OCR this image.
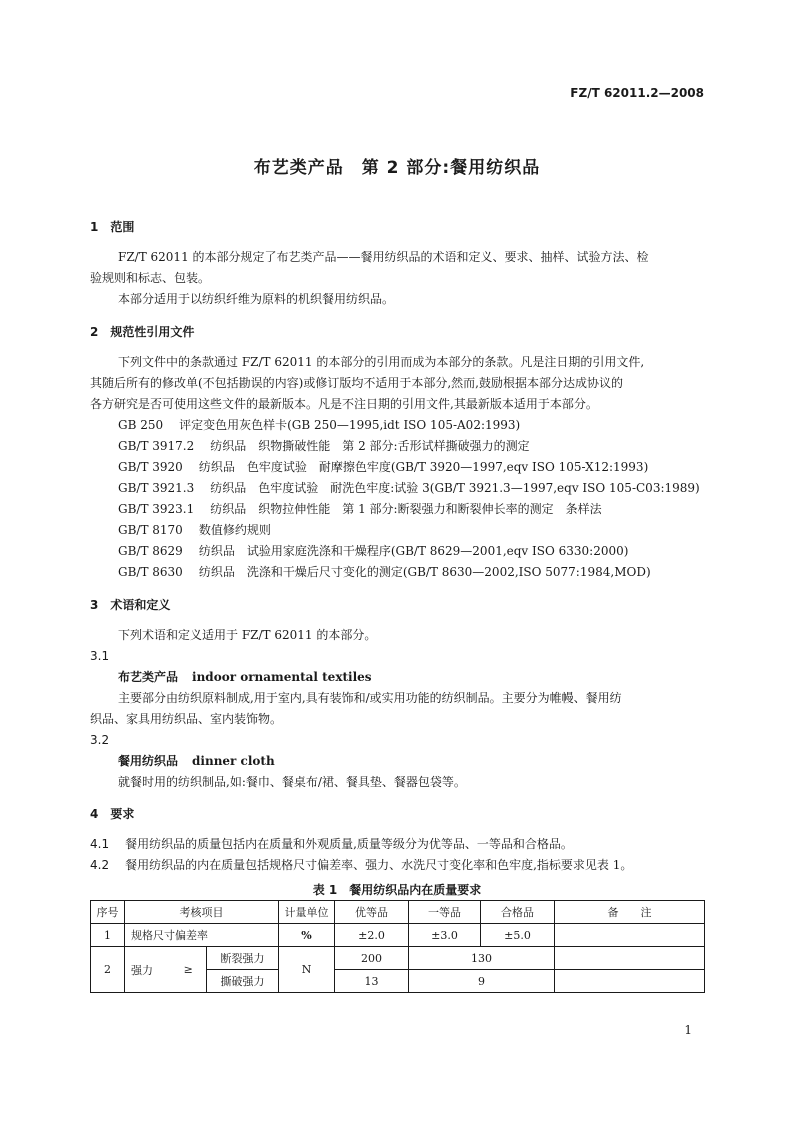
FZ/T 62011.2—2008
布艺类产品　第 2 部分:餐用纺织品
1　范围
FZ/T 62011 的本部分规定了布艺类产品——餐用纺织品的术语和定义、要求、抽样、试验方法、检
验规则和标志、包装。
本部分适用于以纺织纤维为原料的机织餐用纺织品。
2　规范性引用文件
下列文件中的条款通过 FZ/T 62011 的本部分的引用而成为本部分的条款。凡是注日期的引用文件,
其随后所有的修改单(不包括勘误的内容)或修订版均不适用于本部分,然而,鼓励根据本部分达成协议的
各方研究是否可使用这些文件的最新版本。凡是不注日期的引用文件,其最新版本适用于本部分。
GB 250 评定变色用灰色样卡(GB 250—1995,idt ISO 105-A02:1993)
GB/T 3917.2 纺织品　织物撕破性能　第 2 部分:舌形试样撕破强力的测定
GB/T 3920 纺织品　色牢度试验　耐摩擦色牢度(GB/T 3920—1997,eqv ISO 105-X12:1993)
GB/T 3921.3 纺织品　色牢度试验　耐洗色牢度:试验 3(GB/T 3921.3—1997,eqv ISO 105-C03:1989)
GB/T 3923.1 纺织品　织物拉伸性能　第 1 部分:断裂强力和断裂伸长率的测定　条样法
GB/T 8170 数值修约规则
GB/T 8629 纺织品　试验用家庭洗涤和干燥程序(GB/T 8629—2001,eqv ISO 6330:2000)
GB/T 8630 纺织品　洗涤和干燥后尺寸变化的测定(GB/T 8630—2002,ISO 5077:1984,MOD)
3　术语和定义
下列术语和定义适用于 FZ/T 62011 的本部分。
3.1
布艺类产品 indoor ornamental textiles
主要部分由纺织原料制成,用于室内,具有装饰和/或实用功能的纺织制品。主要分为帷幔、餐用纺
织品、家具用纺织品、室内装饰物。
3.2
餐用纺织品 dinner cloth
就餐时用的纺织制品,如:餐巾、餐桌布/裙、餐具垫、餐器包袋等。
4　要求
4.1 餐用纺织品的质量包括内在质量和外观质量,质量等级分为优等品、一等品和合格品。
4.2 餐用纺织品的内在质量包括规格尺寸偏差率、强力、水洗尺寸变化率和色牢度,指标要求见表 1。
表 1　餐用纺织品内在质量要求
序号	考核项目			计量单位	优等品	一等品	合格品	备　　注
1	规格尺寸偏差率			%	±2.0	±3.0	±5.0	
2	强力	≥	断裂强力	N	200	130		
			撕破强力		13	9		
1
